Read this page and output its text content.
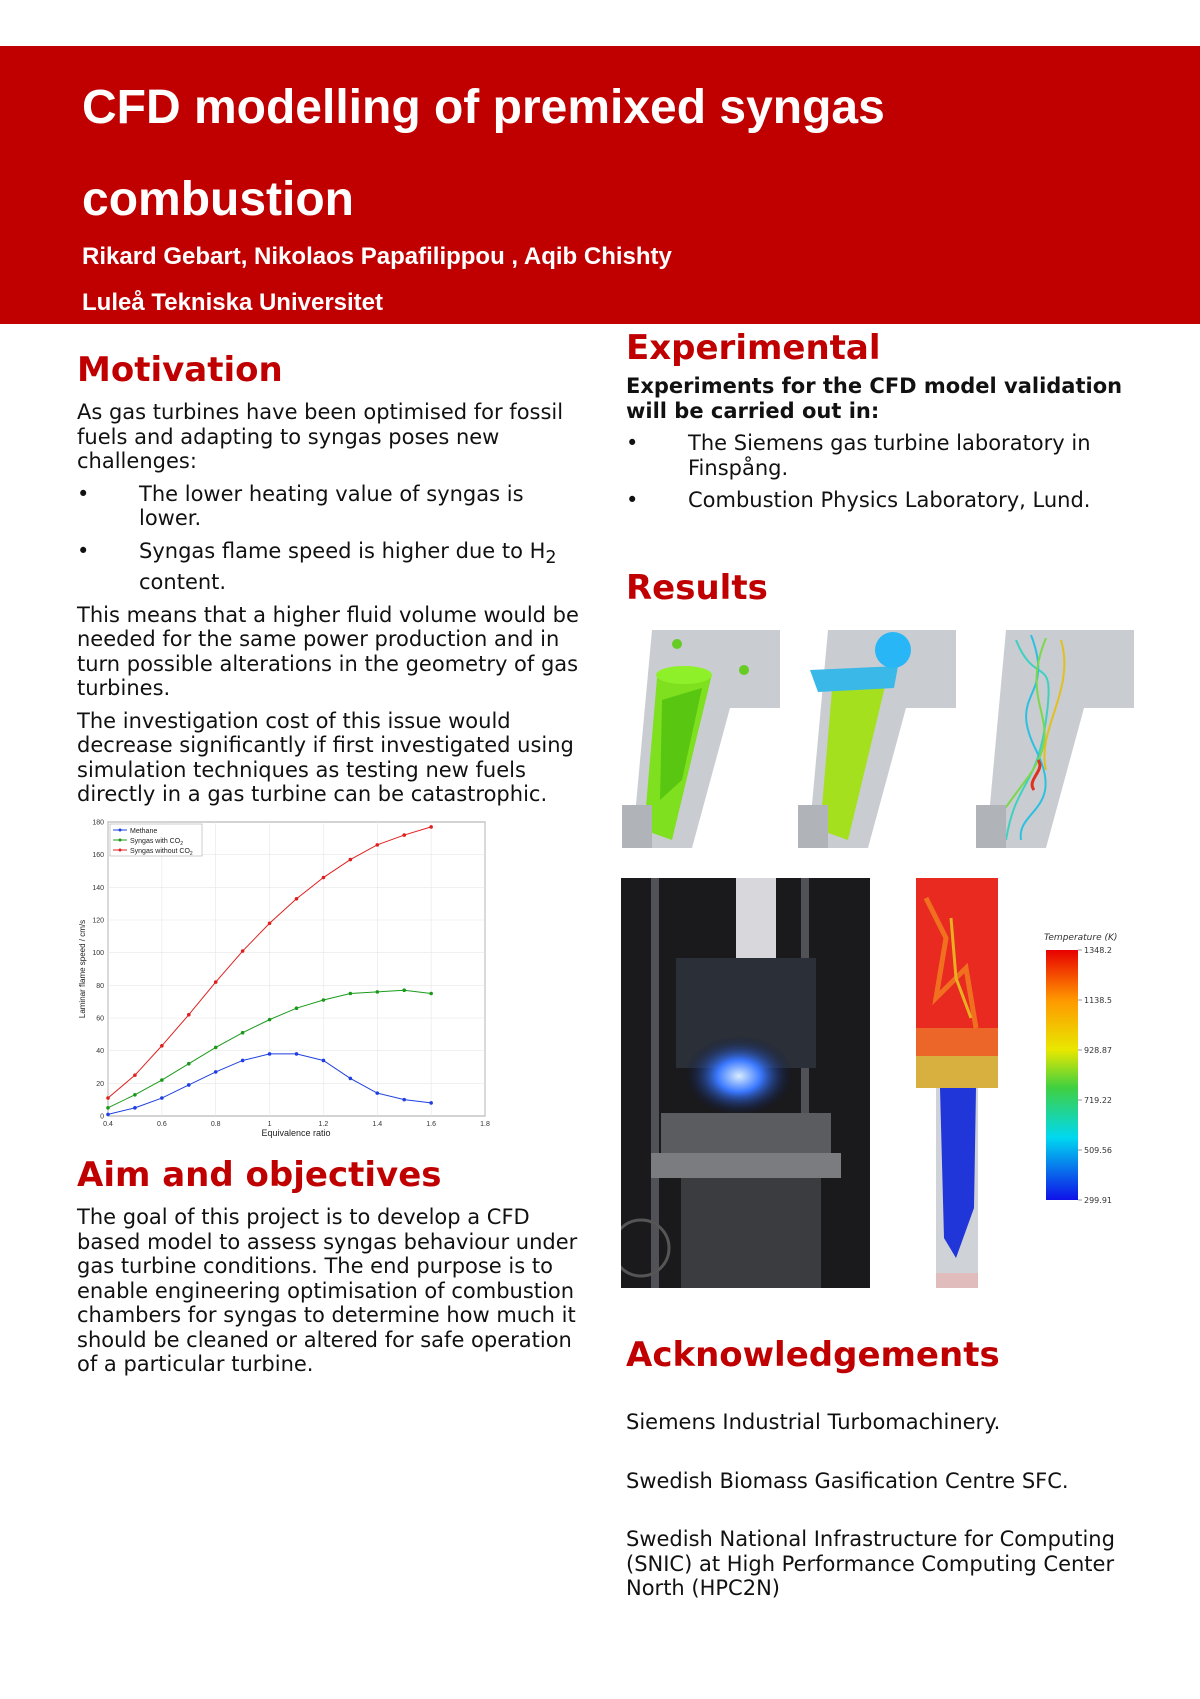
CFD modelling of premixed syngas combustion

Rikard Gebart, Nikolaos Papafilippou , Aqib Chishty

Luleå Tekniska Universitet

Motivation

As gas turbines have been optimised for fossil fuels and adapting to syngas poses new challenges:

• The lower heating value of syngas is lower.
• Syngas flame speed is higher due to $H_2$ content.

This means that a higher fluid volume would be needed for the same power production and in turn possible alterations in the geometry of gas turbines.

The investigation cost of this issue would decrease significantly if first investigated using simulation techniques as testing new fuels directly in a gas turbine can be catastrophic.

0
20
40
60
80
100
120
140
160
180
0.4	0.6	0.8	1	1.2	1.4	1.6	1.8
Equivalence ratio
Laminar flame speed / cm/s
Methane
Syngas with $CO_2$
Syngas without $CO_2$
Aim and objectives

The goal of this project is to develop a CFD based model to assess syngas behaviour under gas turbine conditions. The end purpose is to enable engineering optimisation of combustion chambers for syngas to determine how much it should be cleaned or altered for safe operation of a particular turbine.

Experimental

Experiments for the CFD model validation will be carried out in:

• The Siemens gas turbine laboratory in Finspång.
• Combustion Physics Laboratory, Lund.
Results
Temperature (K)
1348.2
1138.5
928.87
719.22
509.56
299.91
Acknowledgements

Siemens Industrial Turbomachinery.

Swedish Biomass Gasification Centre SFC.

Swedish National Infrastructure for Computing (SNIC) at High Performance Computing Center North (HPC2N)
